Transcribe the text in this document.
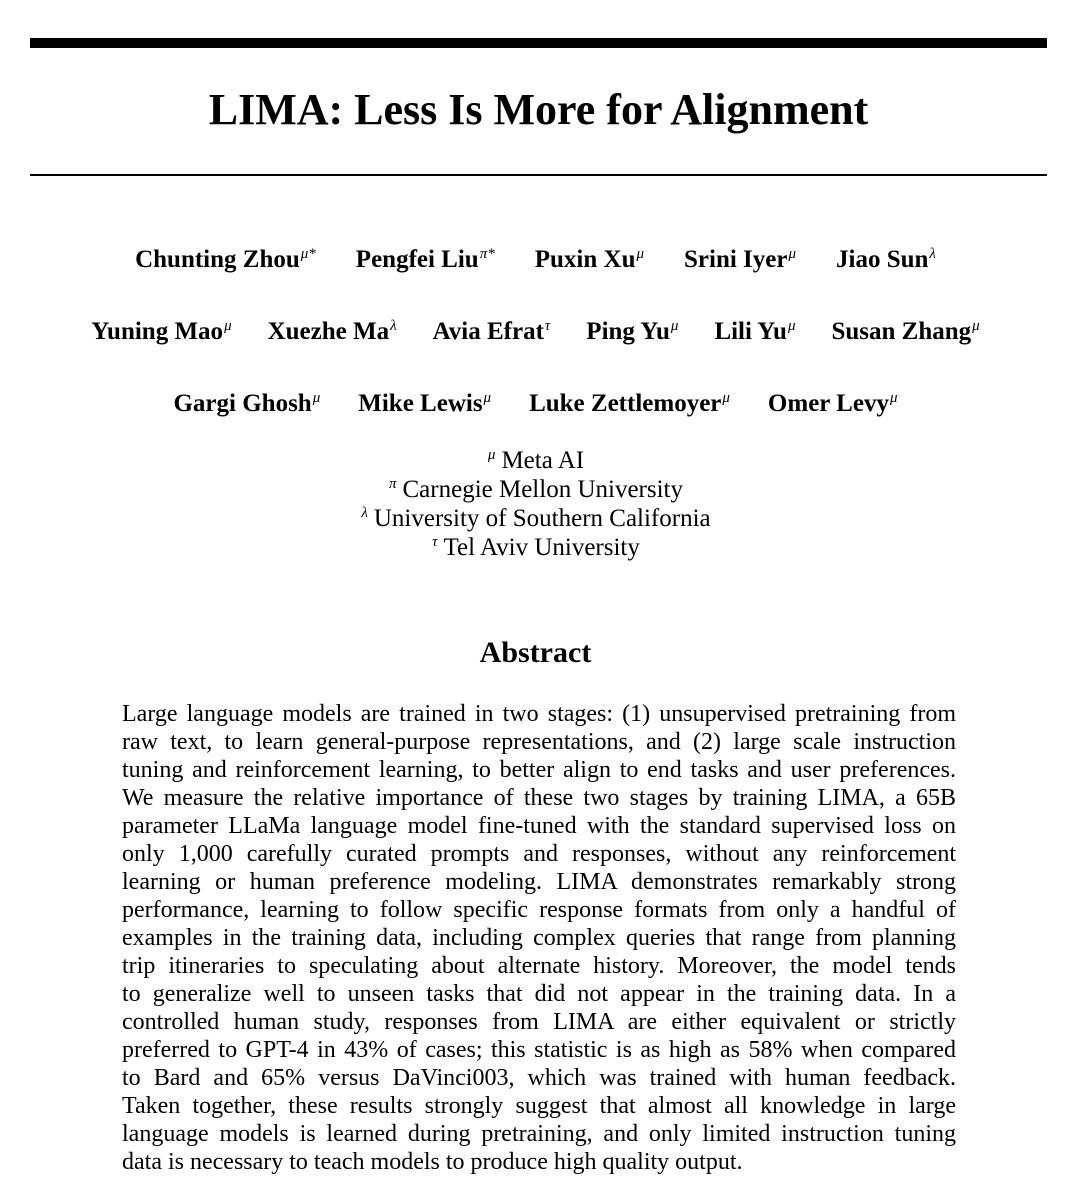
LIMA: Less Is More for Alignment
Chunting Zhou$^{\mu*}$ Pengfei Liu$^{\pi*}$ Puxin $Xu^\mu$ Srini Iyer$^\mu$ Jiao Sun$^\lambda$
Yuning Mao$^\mu$ Xuezhe $Ma^\lambda$ Avia Efrat$^\tau$ Ping $Yu^\mu$ Lili $Yu^\mu$ Susan Zhang$^\mu$
Gargi Ghosh$^\mu$ Mike Lewis$^\mu$ Luke Zettlemoyer$^\mu$ Omer Levy$^\mu$
$^\mu$ Meta AI
$^\pi$ Carnegie Mellon University
$^\lambda$ University of Southern California
$^\tau$ Tel Aviv University
Abstract
Large language models are trained in two stages: (1) unsupervised pretraining from
raw text, to learn general-purpose representations, and (2) large scale instruction
tuning and reinforcement learning, to better align to end tasks and user preferences.
We measure the relative importance of these two stages by training LIMA, a 65B
parameter LLaMa language model fine-tuned with the standard supervised loss on
only 1,000 carefully curated prompts and responses, without any reinforcement
learning or human preference modeling. LIMA demonstrates remarkably strong
performance, learning to follow specific response formats from only a handful of
examples in the training data, including complex queries that range from planning
trip itineraries to speculating about alternate history. Moreover, the model tends
to generalize well to unseen tasks that did not appear in the training data. In a
controlled human study, responses from LIMA are either equivalent or strictly
preferred to GPT-4 in 43% of cases; this statistic is as high as 58% when compared
to Bard and 65% versus DaVinci003, which was trained with human feedback.
Taken together, these results strongly suggest that almost all knowledge in large
language models is learned during pretraining, and only limited instruction tuning
data is necessary to teach models to produce high quality output.
